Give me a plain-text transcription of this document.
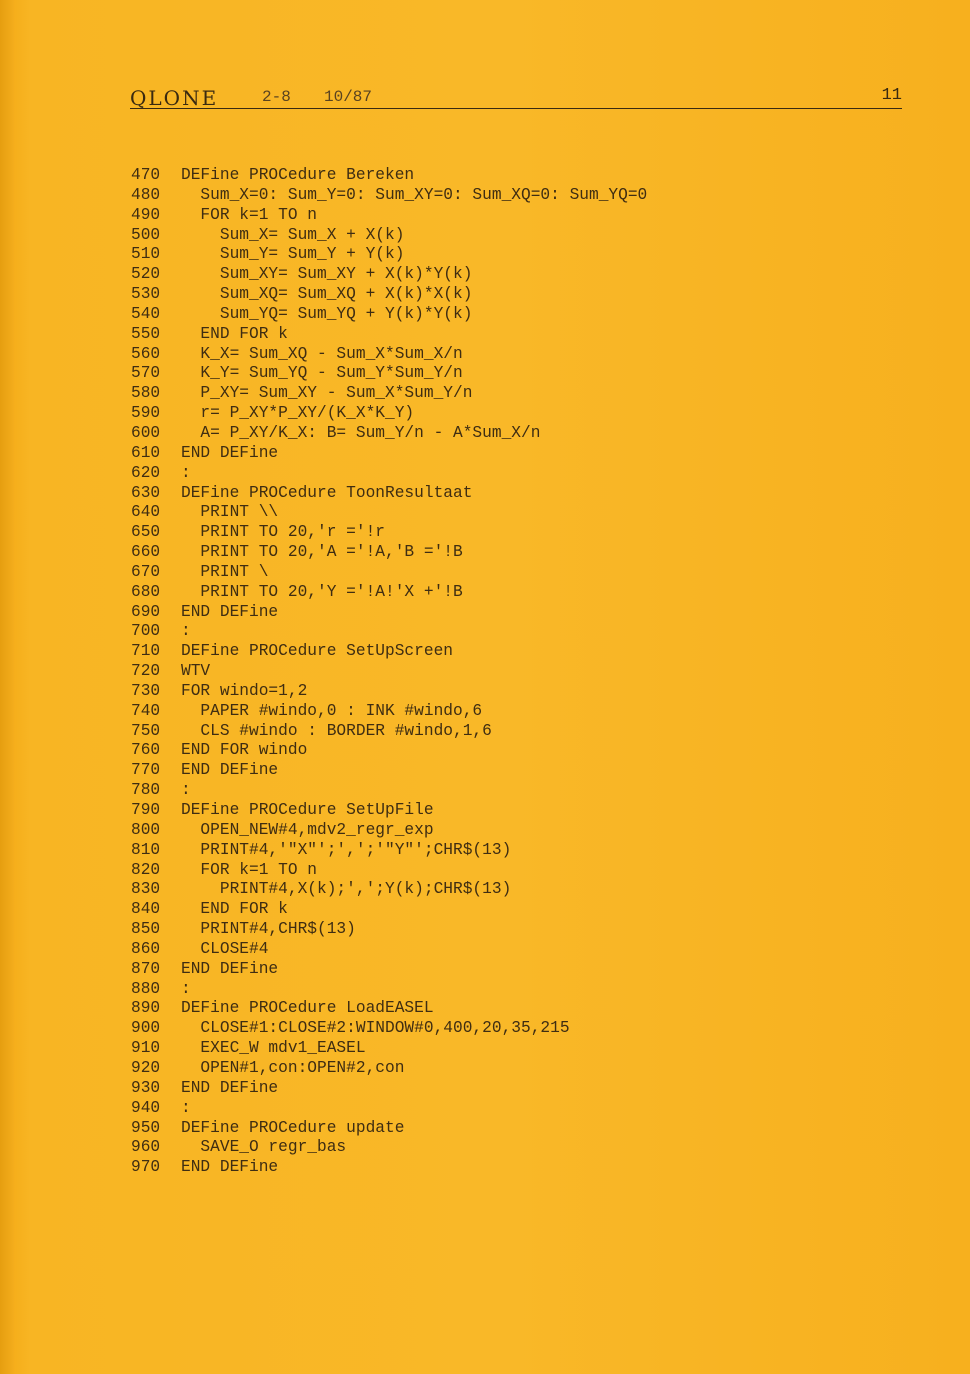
QLONE	2-8 10/87	11
470	DEFine PROCedure Bereken
480	Sum_X=0: Sum_Y=0: Sum_XY=0: Sum_XQ=0: Sum_YQ=0
490	FOR k=1 TO n
500	Sum_X= Sum_X + X(k)
510	Sum_Y= Sum_Y + Y(k)
520	Sum_XY= Sum_XY + X(k)*Y(k)
530	Sum_XQ= Sum_XQ + X(k)*X(k)
540	Sum_YQ= Sum_YQ + Y(k)*Y(k)
550	END FOR k
560	K_X= Sum_XQ - Sum_X*Sum_X/n
570	K_Y= Sum_YQ - Sum_Y*Sum_Y/n
580	P_XY= Sum_XY - Sum_X*Sum_Y/n
590	r= P_XY*P_XY/(K_X*K_Y)
600	A= P_XY/K_X: B= Sum_Y/n - A*Sum_X/n
610	END DEFine
620	:
630	DEFine PROCedure ToonResultaat
640	PRINT \\
650	PRINT TO 20,'r ='!r
660	PRINT TO 20,'A ='!A,'B ='!B
670	PRINT \
680	PRINT TO 20,'Y ='!A!'X +'!B
690	END DEFine
700	:
710	DEFine PROCedure SetUpScreen
720	WTV
730	FOR windo=1,2
740	PAPER #windo,0 : INK #windo,6
750	CLS #windo : BORDER #windo,1,6
760	END FOR windo
770	END DEFine
780	:
790	DEFine PROCedure SetUpFile
800	OPEN_NEW#4,mdv2_regr_exp
810	PRINT#4,'"X"';',';'"Y"';CHR$(13)
820	FOR k=1 TO n
830	PRINT#4,X(k);',';Y(k);CHR$(13)
840	END FOR k
850	PRINT#4,CHR$(13)
860	CLOSE#4
870	END DEFine
880	:
890	DEFine PROCedure LoadEASEL
900	CLOSE#1:CLOSE#2:WINDOW#0,400,20,35,215
910	EXEC_W mdv1_EASEL
920	OPEN#1,con:OPEN#2,con
930	END DEFine
940	:
950	DEFine PROCedure update
960	SAVE_O regr_bas
970	END DEFine
